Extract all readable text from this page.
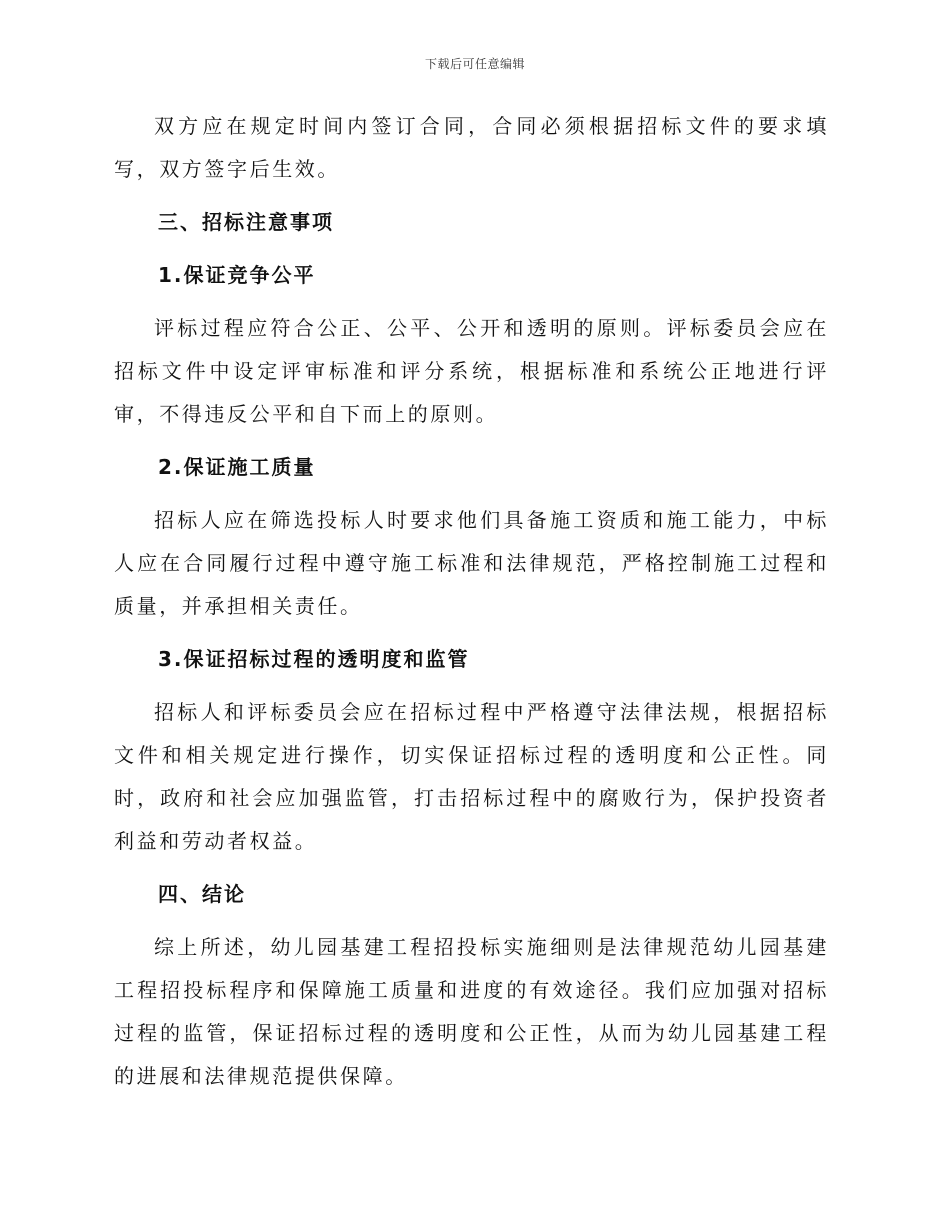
下载后可任意编辑

双方应在规定时间内签订合同，合同必须根据招标文件的要求填写，双方签字后生效。

三、招标注意事项
1.保证竞争公平

评标过程应符合公正、公平、公开和透明的原则。评标委员会应在招标文件中设定评审标准和评分系统，根据标准和系统公正地进行评审，不得违反公平和自下而上的原则。

2.保证施工质量

招标人应在筛选投标人时要求他们具备施工资质和施工能力，中标人应在合同履行过程中遵守施工标准和法律规范，严格控制施工过程和质量，并承担相关责任。

3.保证招标过程的透明度和监管

招标人和评标委员会应在招标过程中严格遵守法律法规，根据招标文件和相关规定进行操作，切实保证招标过程的透明度和公正性。同时，政府和社会应加强监管，打击招标过程中的腐败行为，保护投资者利益和劳动者权益。

四、结论

综上所述，幼儿园基建工程招投标实施细则是法律规范幼儿园基建工程招投标程序和保障施工质量和进度的有效途径。我们应加强对招标过程的监管，保证招标过程的透明度和公正性，从而为幼儿园基建工程的进展和法律规范提供保障。
